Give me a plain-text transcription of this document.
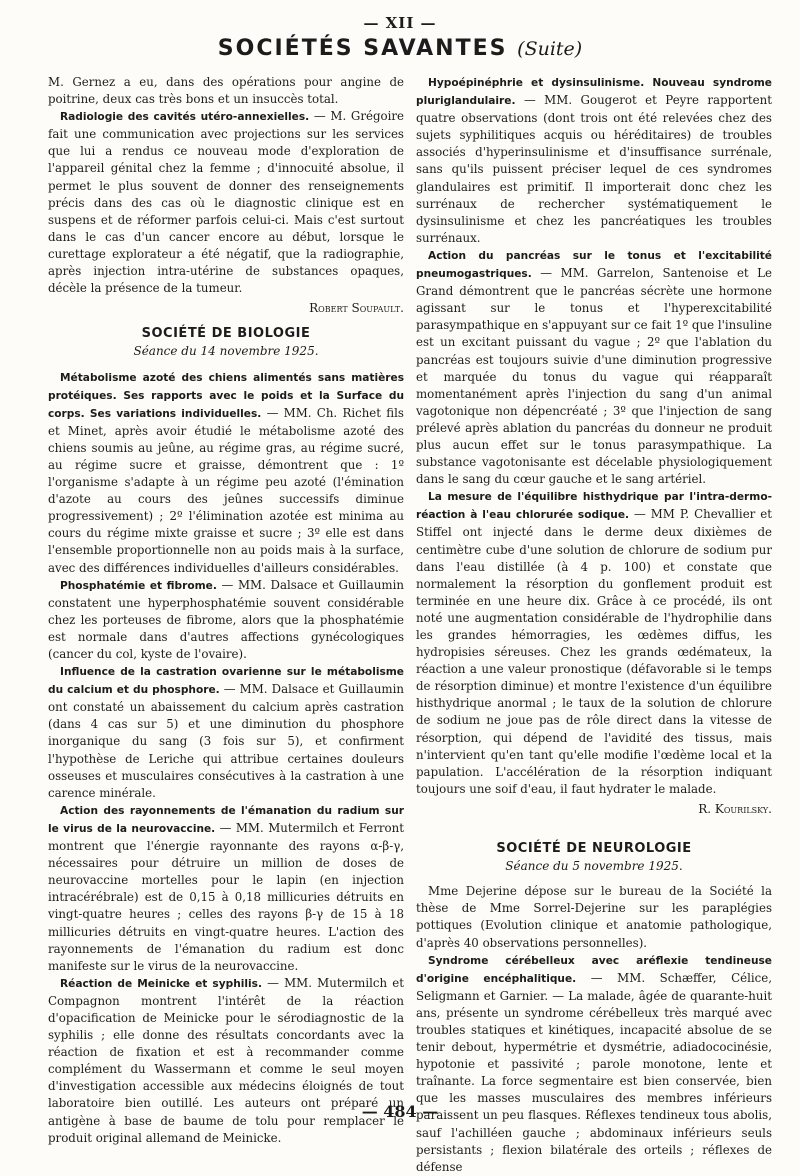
— XII —
SOCIÉTÉS SAVANTES (Suite)

M. Gernez a eu, dans des opérations pour angine de poitrine, deux cas très bons et un insuccès total.

Radiologie des cavités utéro-annexielles. — M. Grégoire fait une communication avec projections sur les services que lui a rendus ce nouveau mode d'exploration de l'appareil génital chez la femme ; d'innocuité absolue, il permet le plus souvent de donner des renseignements précis dans des cas où le diagnostic clinique est en suspens et de réformer parfois celui-ci. Mais c'est surtout dans le cas d'un cancer encore au début, lorsque le curettage explorateur a été négatif, que la radiographie, après injection intra-utérine de substances opaques, décèle la présence de la tumeur.

Robert Soupault.
SOCIÉTÉ DE BIOLOGIE
Séance du 14 novembre 1925.

Métabolisme azoté des chiens alimentés sans matières protéiques. Ses rapports avec le poids et la Surface du corps. Ses variations individuelles. — MM. Ch. Richet fils et Minet, après avoir étudié le métabolisme azoté des chiens soumis au jeûne, au régime gras, au régime sucré, au régime sucre et graisse, démontrent que : 1º l'organisme s'adapte à un régime peu azoté (l'émination d'azote au cours des jeûnes successifs diminue progressivement) ; 2º l'élimination azotée est minima au cours du régime mixte graisse et sucre ; 3º elle est dans l'ensemble proportionnelle non au poids mais à la surface, avec des différences individuelles d'ailleurs considérables.

Phosphatémie et fibrome. — MM. Dalsace et Guillaumin constatent une hyperphosphatémie souvent considérable chez les porteuses de fibrome, alors que la phosphatémie est normale dans d'autres affections gynécologiques (cancer du col, kyste de l'ovaire).

Influence de la castration ovarienne sur le métabolisme du calcium et du phosphore. — MM. Dalsace et Guillaumin ont constaté un abaissement du calcium après castration (dans 4 cas sur 5) et une diminution du phosphore inorganique du sang (3 fois sur 5), et confirment l'hypothèse de Leriche qui attribue certaines douleurs osseuses et musculaires consécutives à la castration à une carence minérale.

Action des rayonnements de l'émanation du radium sur le virus de la neurovaccine. — MM. Mutermilch et Ferront montrent que l'énergie rayonnante des rayons α-β-γ, nécessaires pour détruire un million de doses de neurovaccine mortelles pour le lapin (en injection intracérébrale) est de 0,15 à 0,18 millicuries détruits en vingt-quatre heures ; celles des rayons β-γ de 15 à 18 millicuries détruits en vingt-quatre heures. L'action des rayonnements de l'émanation du radium est donc manifeste sur le virus de la neurovaccine.

Réaction de Meinicke et syphilis. — MM. Mutermilch et Compagnon montrent l'intérêt de la réaction d'opacification de Meinicke pour le sérodiagnostic de la syphilis ; elle donne des résultats concordants avec la réaction de fixation et est à recommander comme complément du Wassermann et comme le seul moyen d'investigation accessible aux médecins éloignés de tout laboratoire bien outillé. Les auteurs ont préparé un antigène à base de baume de tolu pour remplacer le produit original allemand de Meinicke.

Hypoépinéphrie et dysinsulinisme. Nouveau syndrome pluriglandulaire. — MM. Gougerot et Peyre rapportent quatre observations (dont trois ont été relevées chez des sujets syphilitiques acquis ou héréditaires) de troubles associés d'hyperinsulinisme et d'insuffisance surrénale, sans qu'ils puissent préciser lequel de ces syndromes glandulaires est primitif. Il importerait donc chez les surrénaux de rechercher systématiquement le dysinsulinisme et chez les pancréatiques les troubles surrénaux.

Action du pancréas sur le tonus et l'excitabilité pneumogastriques. — MM. Garrelon, Santenoise et Le Grand démontrent que le pancréas sécrète une hormone agissant sur le tonus et l'hyperexcitabilité parasympathique en s'appuyant sur ce fait 1º que l'insuline est un excitant puissant du vague ; 2º que l'ablation du pancréas est toujours suivie d'une diminution progressive et marquée du tonus du vague qui réapparaît momentanément après l'injection du sang d'un animal vagotonique non dépencréaté ; 3º que l'injection de sang prélevé après ablation du pancréas du donneur ne produit plus aucun effet sur le tonus parasympathique. La substance vagotonisante est décelable physiologiquement dans le sang du cœur gauche et le sang artériel.

La mesure de l'équilibre histhydrique par l'intra-dermo-réaction à l'eau chlorurée sodique. — MM P. Chevallier et Stiffel ont injecté dans le derme deux dixièmes de centimètre cube d'une solution de chlorure de sodium pur dans l'eau distillée (à 4 p. 100) et constate que normalement la résorption du gonflement produit est terminée en une heure dix. Grâce à ce procédé, ils ont noté une augmentation considérable de l'hydrophilie dans les grandes hémorragies, les œdèmes diffus, les hydropisies séreuses. Chez les grands œdémateux, la réaction a une valeur pronostique (défavorable si le temps de résorption diminue) et montre l'existence d'un équilibre histhydrique anormal ; le taux de la solution de chlorure de sodium ne joue pas de rôle direct dans la vitesse de résorption, qui dépend de l'avidité des tissus, mais n'intervient qu'en tant qu'elle modifie l'œdème local et la papulation. L'accélération de la résorption indiquant toujours une soif d'eau, il faut hydrater le malade.

R. Kourilsky.
SOCIÉTÉ DE NEUROLOGIE
Séance du 5 novembre 1925.

Mme Dejerine dépose sur le bureau de la Société la thèse de Mme Sorrel-Dejerine sur les paraplégies pottiques (Evolution clinique et anatomie pathologique, d'après 40 observations personnelles).

Syndrome cérébelleux avec aréflexie tendineuse d'origine encéphalitique. — MM. Schæffer, Célice, Seligmann et Garnier. — La malade, âgée de quarante-huit ans, présente un syndrome cérébelleux très marqué avec troubles statiques et kinétiques, incapacité absolue de se tenir debout, hypermétrie et dysmétrie, adiadococinésie, hypotonie et passivité ; parole monotone, lente et traînante. La force segmentaire est bien conservée, bien que les masses musculaires des membres inférieurs paraissent un peu flasques. Réflexes tendineux tous abolis, sauf l'achilléen gauche ; abdominaux inférieurs seuls persistants ; flexion bilatérale des orteils ; réflexes de défense

— 484 —
